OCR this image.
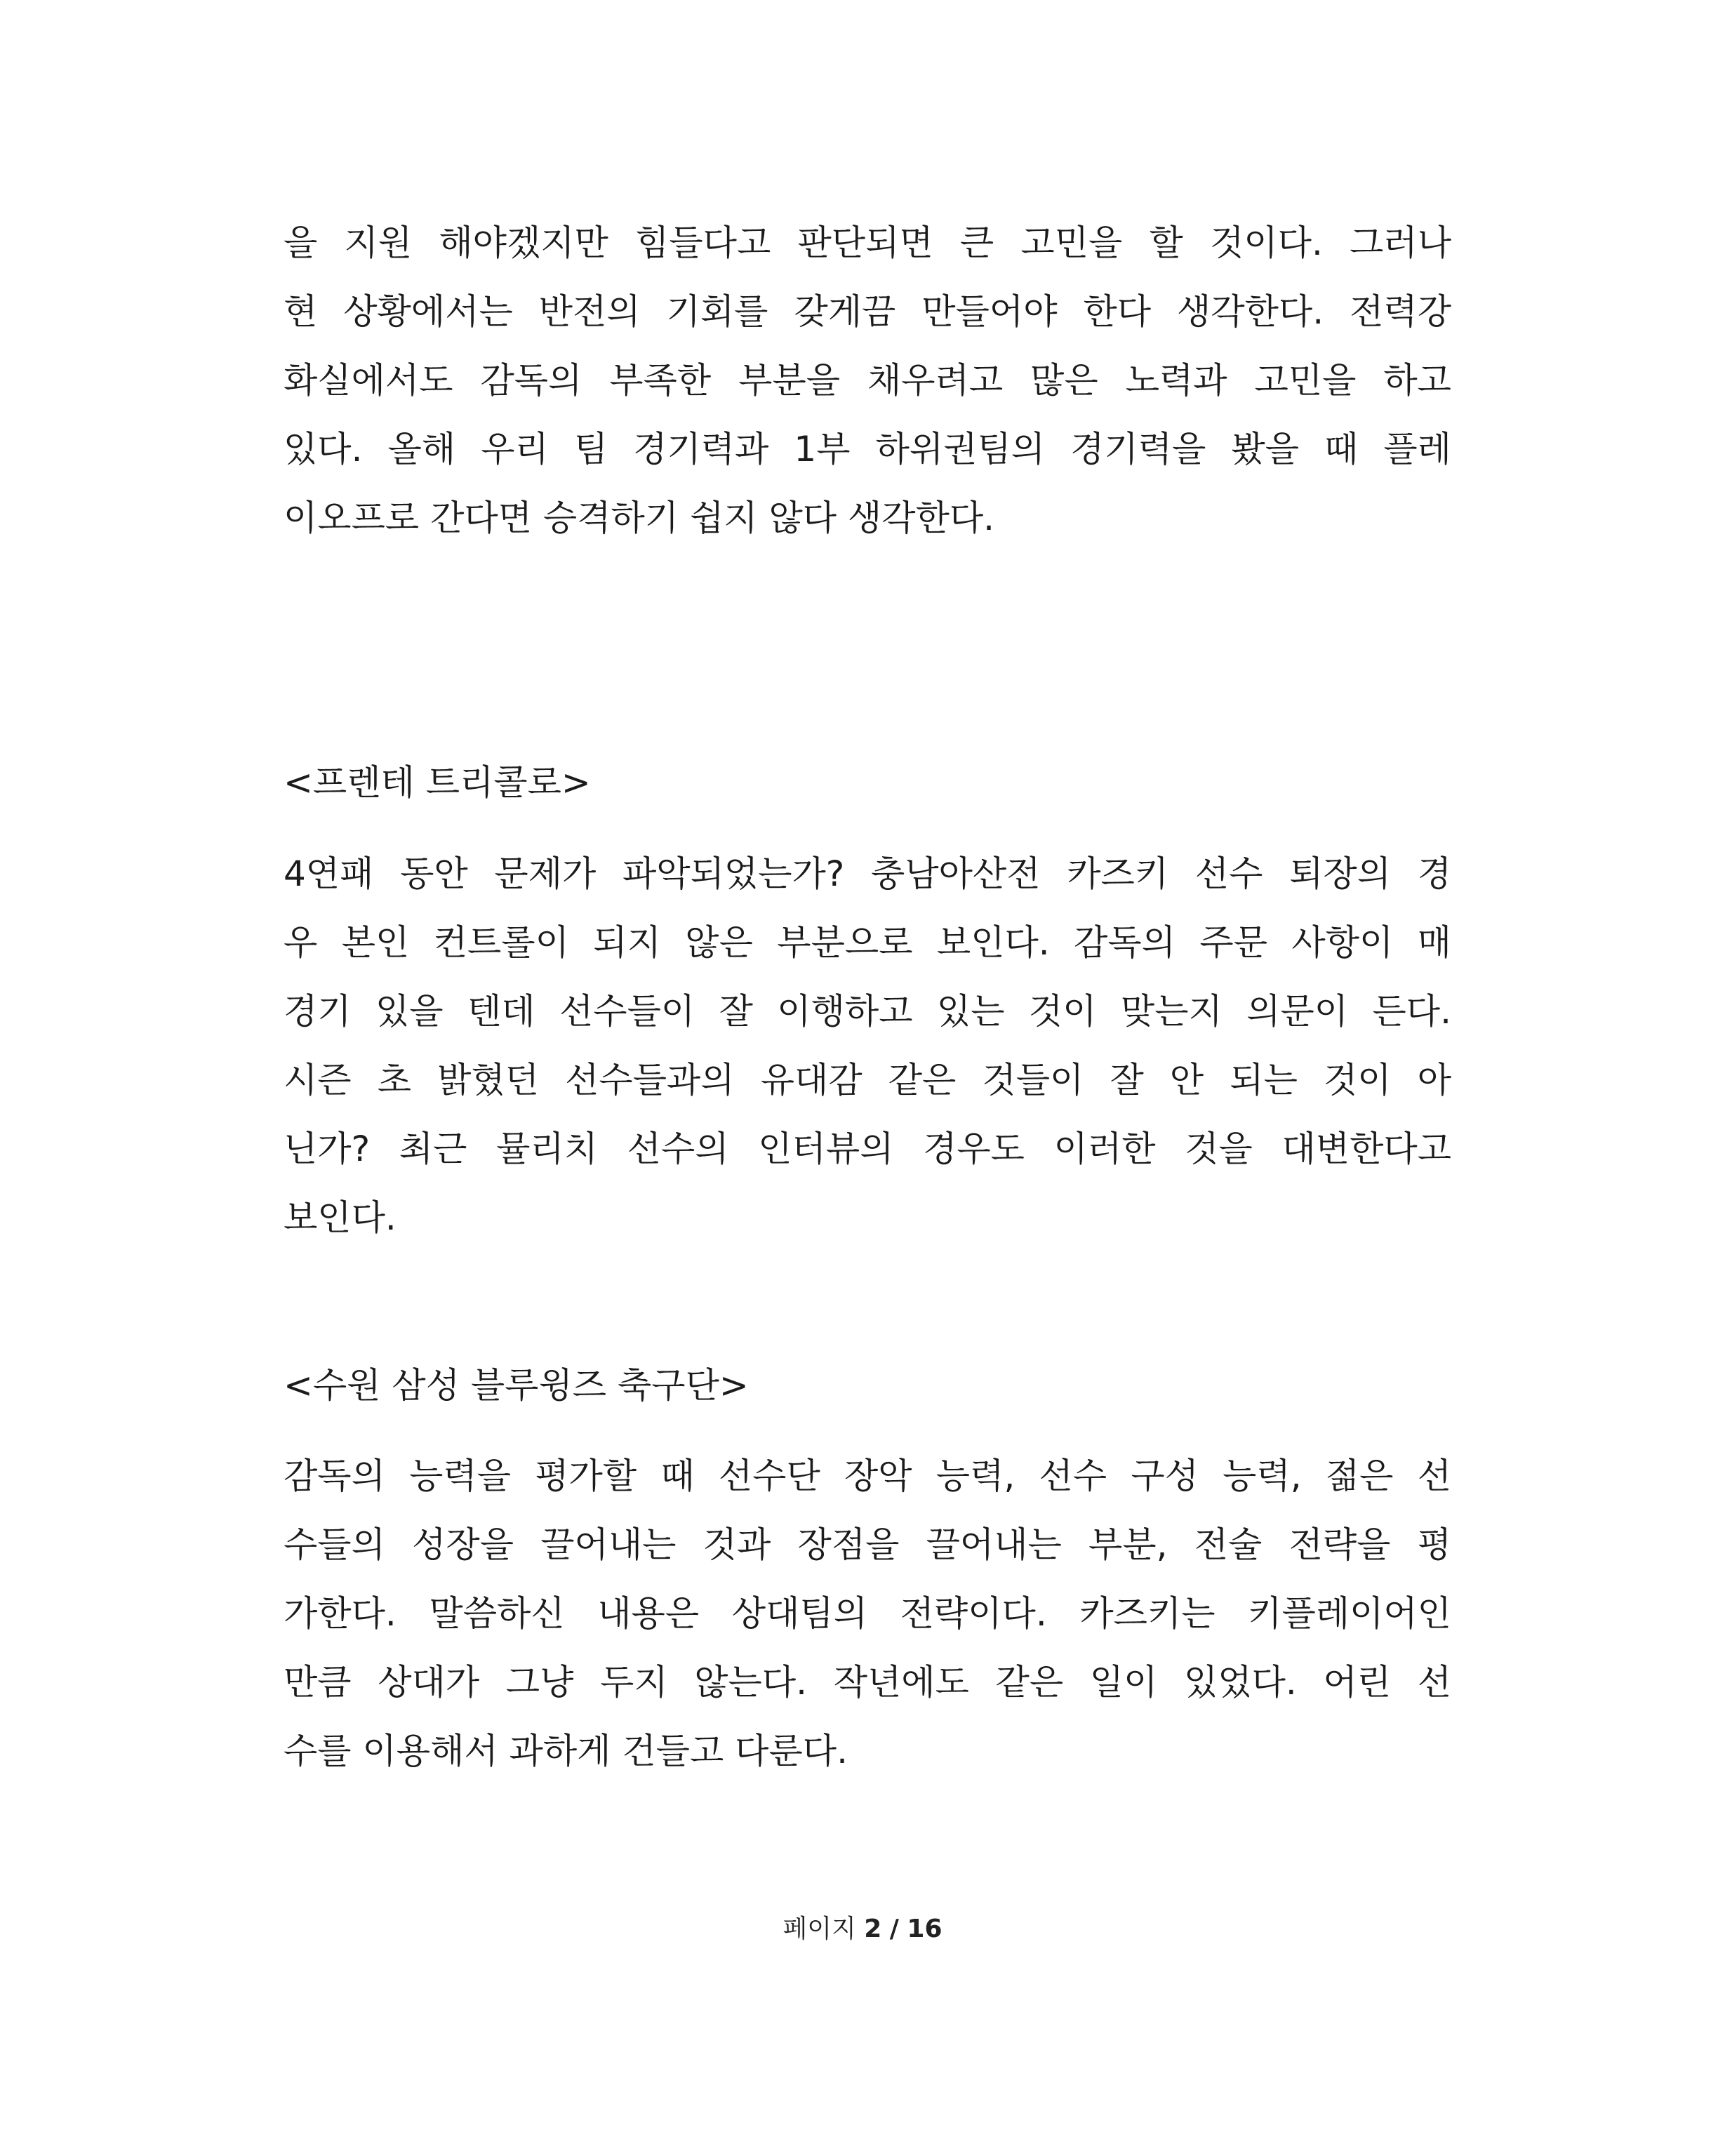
을 지원 해야겠지만 힘들다고 판단되면 큰 고민을 할 것이다. 그러나
현 상황에서는 반전의 기회를 갖게끔 만들어야 한다 생각한다. 전력강
화실에서도 감독의 부족한 부분을 채우려고 많은 노력과 고민을 하고
있다. 올해 우리 팀 경기력과 1부 하위권팀의 경기력을 봤을 때 플레
이오프로 간다면 승격하기 쉽지 않다 생각한다.
<프렌테 트리콜로>
4연패 동안 문제가 파악되었는가? 충남아산전 카즈키 선수 퇴장의 경
우 본인 컨트롤이 되지 않은 부분으로 보인다. 감독의 주문 사항이 매
경기 있을 텐데 선수들이 잘 이행하고 있는 것이 맞는지 의문이 든다.
시즌 초 밝혔던 선수들과의 유대감 같은 것들이 잘 안 되는 것이 아
닌가? 최근 뮬리치 선수의 인터뷰의 경우도 이러한 것을 대변한다고
보인다.
<수원 삼성 블루윙즈 축구단>
감독의 능력을 평가할 때 선수단 장악 능력, 선수 구성 능력, 젊은 선
수들의 성장을 끌어내는 것과 장점을 끌어내는 부분, 전술 전략을 평
가한다. 말씀하신 내용은 상대팀의 전략이다. 카즈키는 키플레이어인
만큼 상대가 그냥 두지 않는다. 작년에도 같은 일이 있었다. 어린 선
수를 이용해서 과하게 건들고 다룬다.
페이지 2 / 16
